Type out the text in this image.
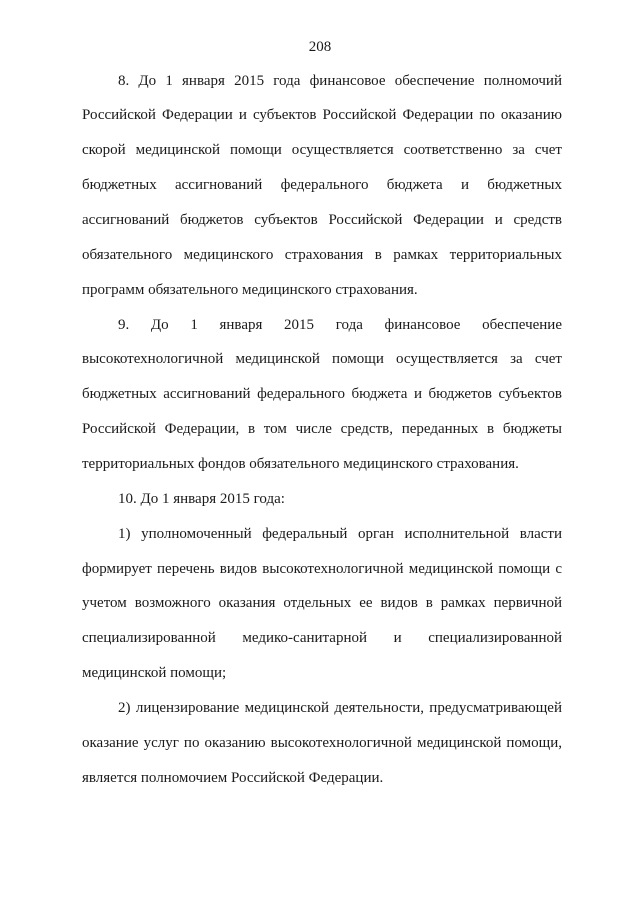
208
8. До 1 января 2015 года финансовое обеспечение полномочий
Российской Федерации и субъектов Российской Федерации по оказанию
скорой медицинской помощи осуществляется соответственно за счет
бюджетных ассигнований федерального бюджета и бюджетных
ассигнований бюджетов субъектов Российской Федерации и средств
обязательного медицинского страхования в рамках территориальных
программ обязательного медицинского страхования.
9. До 1 января 2015 года финансовое обеспечение
высокотехнологичной медицинской помощи осуществляется за счет
бюджетных ассигнований федерального бюджета и бюджетов субъектов
Российской Федерации, в том числе средств, переданных в бюджеты
территориальных фондов обязательного медицинского страхования.
10. До 1 января 2015 года:
1) уполномоченный федеральный орган исполнительной власти
формирует перечень видов высокотехнологичной медицинской помощи с
учетом возможного оказания отдельных ее видов в рамках первичной
специализированной медико-санитарной и специализированной
медицинской помощи;
2) лицензирование медицинской деятельности, предусматривающей
оказание услуг по оказанию высокотехнологичной медицинской помощи,
является полномочием Российской Федерации.
